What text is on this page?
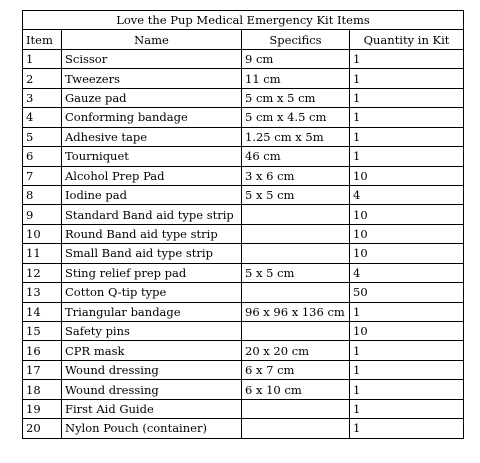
Love the Pup Medical Emergency Kit Items			
Item	Name	Specifics	Quantity in Kit
1	Scissor	9 cm	1
2	Tweezers	11 cm	1
3	Gauze pad	5 cm x 5 cm	1
4	Conforming bandage	5 cm x 4.5 cm	1
5	Adhesive tape	1.25 cm x 5m	1
6	Tourniquet	46 cm	1
7	Alcohol Prep Pad	3 x 6 cm	10
8	Iodine pad	5 x 5 cm	4
9	Standard Band aid type strip		10
10	Round Band aid type strip		10
11	Small Band aid type strip		10
12	Sting relief prep pad	5 x 5 cm	4
13	Cotton Q-tip type		50
14	Triangular bandage	96 x 96 x 136 cm	1
15	Safety pins		10
16	CPR mask	20 x 20 cm	1
17	Wound dressing	6 x 7 cm	1
18	Wound dressing	6 x 10 cm	1
19	First Aid Guide		1
20	Nylon Pouch (container)		1
